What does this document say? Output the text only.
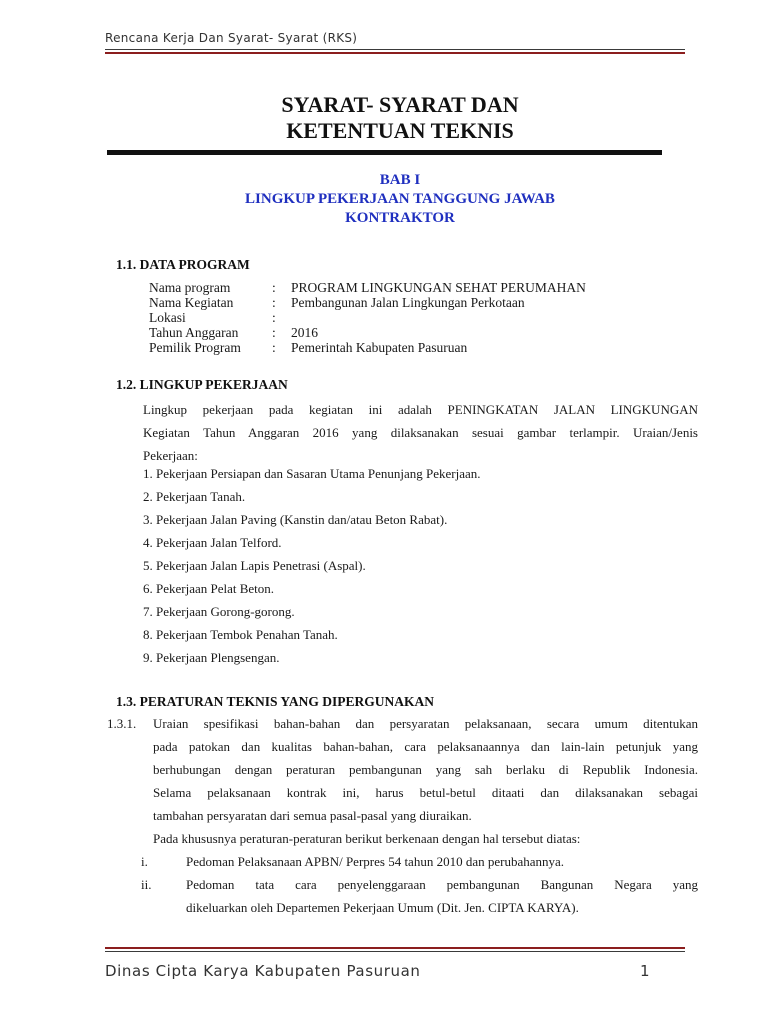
Rencana Kerja Dan Syarat- Syarat (RKS)
SYARAT- SYARAT DAN
KETENTUAN TEKNIS
BAB I
LINGKUP PEKERJAAN TANGGUNG JAWAB
KONTRAKTOR
1.1. DATA PROGRAM
Nama program	: PROGRAM LINGKUNGAN SEHAT PERUMAHAN
Nama Kegiatan	: Pembangunan Jalan Lingkungan Perkotaan
Lokasi	:
Tahun Anggaran : 2016
Pemilik Program : Pemerintah Kabupaten Pasuruan
1.2. LINGKUP PEKERJAAN
Lingkup pekerjaan pada kegiatan ini adalah PENINGKATAN JALAN LINGKUNGAN
Kegiatan Tahun Anggaran 2016 yang dilaksanakan sesuai gambar terlampir. Uraian/Jenis
Pekerjaan:
1. Pekerjaan Persiapan dan Sasaran Utama Penunjang Pekerjaan.
2. Pekerjaan Tanah.
3. Pekerjaan Jalan Paving (Kanstin dan/atau Beton Rabat).
4. Pekerjaan Jalan Telford.
5. Pekerjaan Jalan Lapis Penetrasi (Aspal).
6. Pekerjaan Pelat Beton.
7. Pekerjaan Gorong-gorong.
8. Pekerjaan Tembok Penahan Tanah.
9. Pekerjaan Plengsengan.
1.3. PERATURAN TEKNIS YANG DIPERGUNAKAN
1.3.1. Uraian spesifikasi bahan-bahan dan persyaratan pelaksanaan, secara umum ditentukan
pada patokan dan kualitas bahan-bahan, cara pelaksanaannya dan lain-lain petunjuk yang
berhubungan dengan peraturan pembangunan yang sah berlaku di Republik Indonesia.
Selama pelaksanaan kontrak ini, harus betul-betul ditaati dan dilaksanakan sebagai
tambahan persyaratan dari semua pasal-pasal yang diuraikan.
Pada khususnya peraturan-peraturan berikut berkenaan dengan hal tersebut diatas:
i.	Pedoman Pelaksanaan APBN/ Perpres 54 tahun 2010 dan perubahannya.
ii.	Pedoman tata cara penyelenggaraan pembangunan Bangunan Negara yang
dikeluarkan oleh Departemen Pekerjaan Umum (Dit. Jen. CIPTA KARYA).
Dinas Cipta Karya Kabupaten Pasuruan	1
